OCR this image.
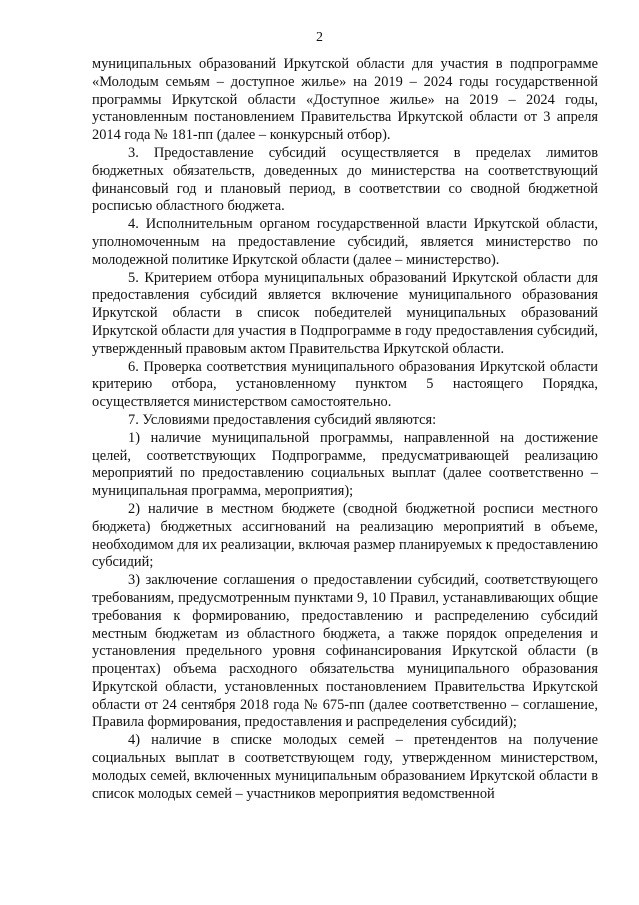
2

муниципальных образований Иркутской области для участия в подпрограмме «Молодым семьям – доступное жилье» на 2019 – 2024 годы государственной программы Иркутской области «Доступное жилье» на 2019 – 2024 годы, установленным постановлением Правительства Иркутской области от 3 апреля 2014 года № 181-пп (далее – конкурсный отбор).

3. Предоставление субсидий осуществляется в пределах лимитов бюджетных обязательств, доведенных до министерства на соответствующий финансовый год и плановый период, в соответствии со сводной бюджетной росписью областного бюджета.

4. Исполнительным органом государственной власти Иркутской области, уполномоченным на предоставление субсидий, является министерство по молодежной политике Иркутской области (далее – министерство).

5. Критерием отбора муниципальных образований Иркутской области для предоставления субсидий является включение муниципального образования Иркутской области в список победителей муниципальных образований Иркутской области для участия в Подпрограмме в году предоставления субсидий, утвержденный правовым актом Правительства Иркутской области.

6. Проверка соответствия муниципального образования Иркутской области критерию отбора, установленному пунктом 5 настоящего Порядка, осуществляется министерством самостоятельно.

7. Условиями предоставления субсидий являются:

1) наличие муниципальной программы, направленной на достижение целей, соответствующих Подпрограмме, предусматривающей реализацию мероприятий по предоставлению социальных выплат (далее соответственно – муниципальная программа, мероприятия);

2) наличие в местном бюджете (сводной бюджетной росписи местного бюджета) бюджетных ассигнований на реализацию мероприятий в объеме, необходимом для их реализации, включая размер планируемых к предоставлению субсидий;

3) заключение соглашения о предоставлении субсидий, соответствующего требованиям, предусмотренным пунктами 9, 10 Правил, устанавливающих общие требования к формированию, предоставлению и распределению субсидий местным бюджетам из областного бюджета, а также порядок определения и установления предельного уровня софинансирования Иркутской области (в процентах) объема расходного обязательства муниципального образования Иркутской области, установленных постановлением Правительства Иркутской области от 24 сентября 2018 года № 675-пп (далее соответственно – соглашение, Правила формирования, предоставления и распределения субсидий);

4) наличие в списке молодых семей – претендентов на получение социальных выплат в соответствующем году, утвержденном министерством, молодых семей, включенных муниципальным образованием Иркутской области в список молодых семей – участников мероприятия ведомственной
